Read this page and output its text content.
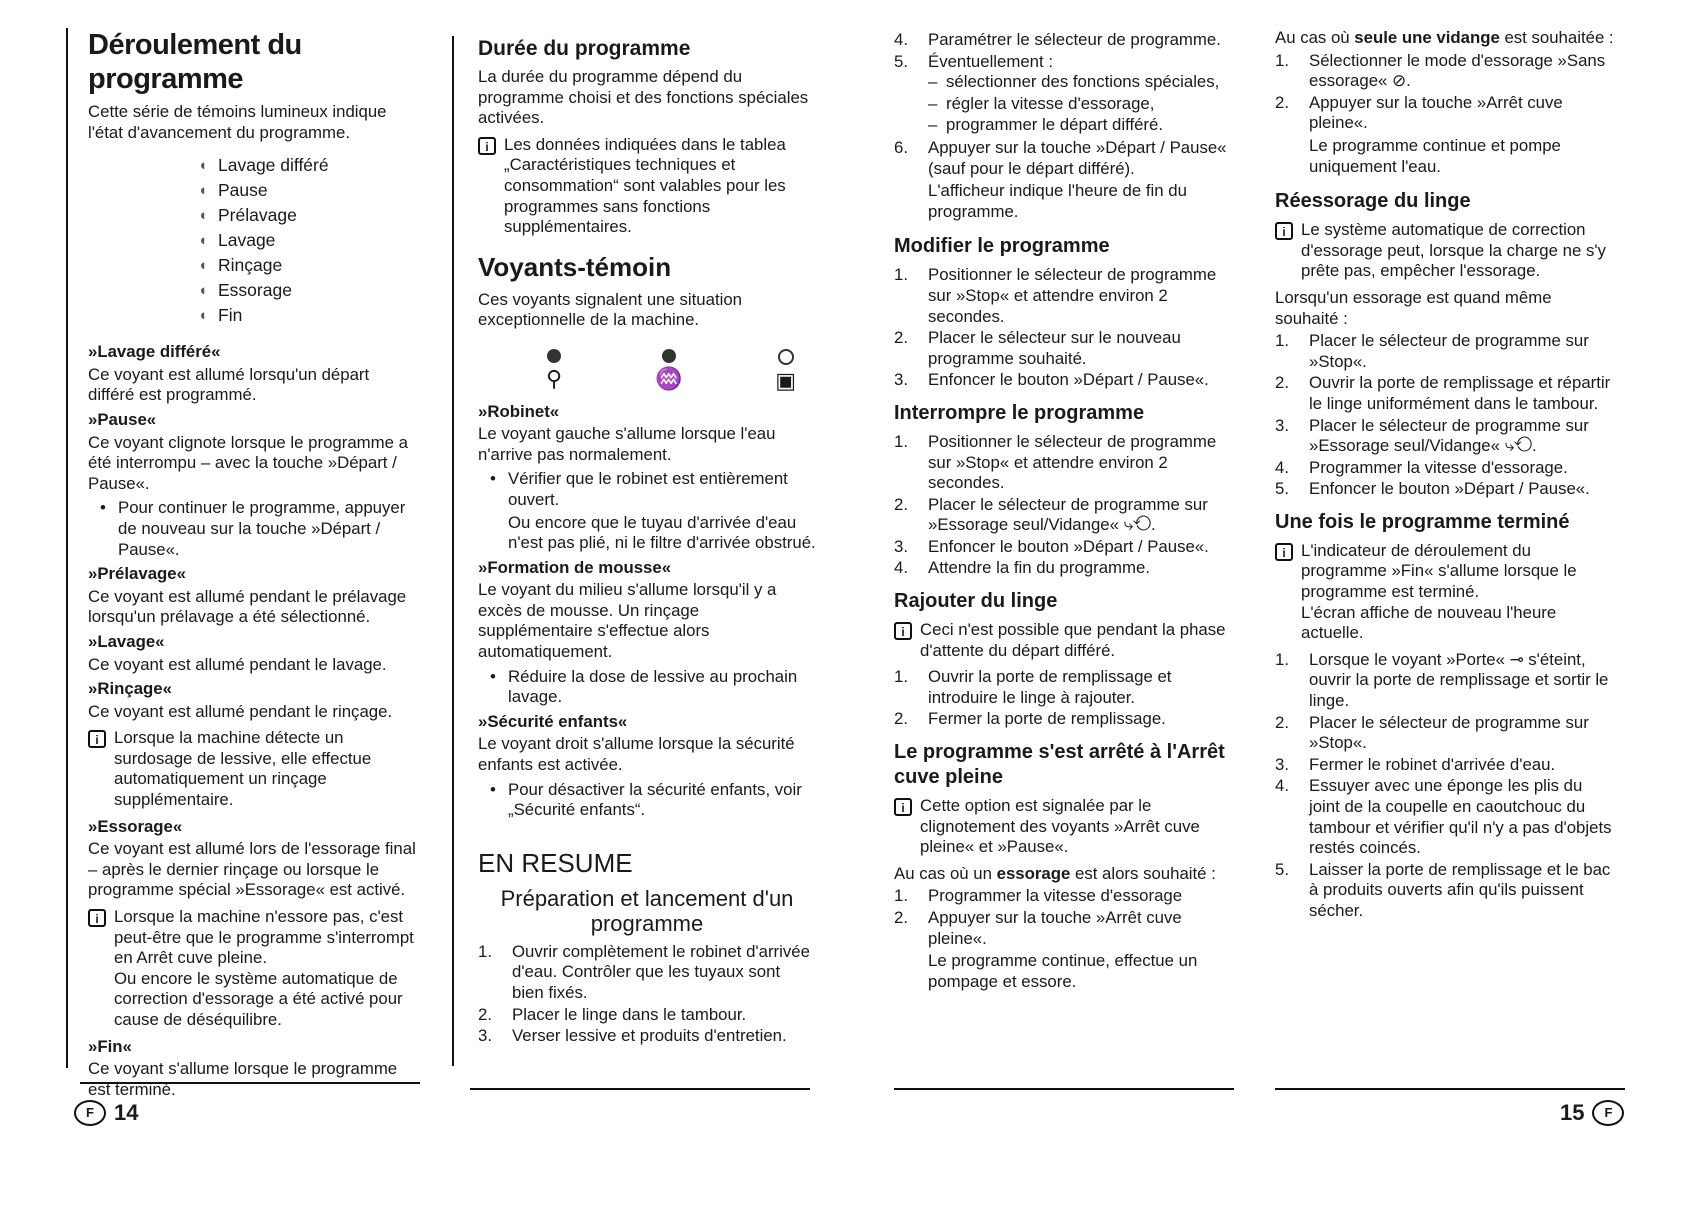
Déroulement du programme

Cette série de témoins lumineux indique l'état d'avancement du programme.

◖ Lavage différé
◖ Pause
◖ Prélavage
◖ Lavage
◖ Rinçage
◖ Essorage
◖ Fin

»Lavage différé«

Ce voyant est allumé lorsqu'un départ différé est programmé.

»Pause«

Ce voyant clignote lorsque le programme a été interrompu – avec la touche »Départ / Pause«.

• Pour continuer le programme, appuyer de nouveau sur la touche »Départ / Pause«.

»Prélavage«

Ce voyant est allumé pendant le prélavage lorsqu'un prélavage a été sélectionné.

»Lavage«

Ce voyant est allumé pendant le lavage.

»Rinçage«

Ce voyant est allumé pendant le rinçage.

i Lorsque la machine détecte un surdosage de lessive, elle effectue automatiquement un rinçage supplémentaire.

»Essorage«

Ce voyant est allumé lors de l'essorage final – après le dernier rinçage ou lorsque le programme spécial »Essorage« est activé.

i Lorsque la machine n'essore pas, c'est peut-être que le programme s'interrompt en Arrêt cuve pleine.

Ou encore le système automatique de correction d'essorage a été activé pour cause de déséquilibre.

»Fin«

Ce voyant s'allume lorsque le programme est terminé.

F 14
Durée du programme

La durée du programme dépend du programme choisi et des fonctions spéciales activées.

i Les données indiquées dans le tablea „Caractéristiques techniques et consommation“ sont valables pour les programmes sans fonctions supplémentaires.

Voyants-témoin

Ces voyants signalent une situation exceptionnelle de la machine.

⚲	♒	▣

»Robinet«

Le voyant gauche s'allume lorsque l'eau n'arrive pas normalement.

• Vérifier que le robinet est entièrement ouvert.

Ou encore que le tuyau d'arrivée d'eau n'est pas plié, ni le filtre d'arrivée obstrué.

»Formation de mousse«

Le voyant du milieu s'allume lorsqu'il y a excès de mousse. Un rinçage supplémentaire s'effectue alors automatiquement.

• Réduire la dose de lessive au prochain lavage.

»Sécurité enfants«

Le voyant droit s'allume lorsque la sécurité enfants est activée.

• Pour désactiver la sécurité enfants, voir „Sécurité enfants“.
EN RESUME
Préparation et lancement d'un programme
1.	Ouvrir complètement le robinet d'arrivée d'eau. Contrôler que les tuyaux sont bien fixés.
2.	Placer le linge dans le tambour.
3.	Verser lessive et produits d'entretien.
4.	Paramétrer le sélecteur de programme.
5.	Éventuellement :
– sélectionner des fonctions spéciales,
– régler la vitesse d'essorage,
– programmer le départ différé.
6.	Appuyer sur la touche »Départ / Pause« (sauf pour le départ différé).

L'afficheur indique l'heure de fin du programme.

Modifier le programme
1.	Positionner le sélecteur de programme sur »Stop« et attendre environ 2 secondes.
2.	Placer le sélecteur sur le nouveau programme souhaité.
3.	Enfoncer le bouton »Départ / Pause«.
Interrompre le programme
1.	Positionner le sélecteur de programme sur »Stop« et attendre environ 2 secondes.
2.	Placer le sélecteur de programme sur »Essorage seul/Vidange« ⤷⟲.
3.	Enfoncer le bouton »Départ / Pause«.
4.	Attendre la fin du programme.
Rajouter du linge
i Ceci n'est possible que pendant la phase d'attente du départ différé.

1.	Ouvrir la porte de remplissage et introduire le linge à rajouter.
2.	Fermer la porte de remplissage.
Le programme s'est arrêté à l'Arrêt cuve pleine
i Cette option est signalée par le clignotement des voyants »Arrêt cuve pleine« et »Pause«.

Au cas où un essorage est alors souhaité :

1.	Programmer la vitesse d'essorage
2.	Appuyer sur la touche »Arrêt cuve pleine«.

Le programme continue, effectue un pompage et essore.

Au cas où seule une vidange est souhaitée :

1.	Sélectionner le mode d'essorage »Sans essorage« ⊘.
2.	Appuyer sur la touche »Arrêt cuve pleine«.

Le programme continue et pompe uniquement l'eau.

Réessorage du linge
i Le système automatique de correction d'essorage peut, lorsque la charge ne s'y prête pas, empêcher l'essorage.

Lorsqu'un essorage est quand même souhaité :

1.	Placer le sélecteur de programme sur »Stop«.
2.	Ouvrir la porte de remplissage et répartir le linge uniformément dans le tambour.
3.	Placer le sélecteur de programme sur »Essorage seul/Vidange« ⤷⟲.
4.	Programmer la vitesse d'essorage.
5.	Enfoncer le bouton »Départ / Pause«.
Une fois le programme terminé
i L'indicateur de déroulement du programme »Fin« s'allume lorsque le programme est terminé.

L'écran affiche de nouveau l'heure actuelle.

1.	Lorsque le voyant »Porte« ⊸ s'éteint, ouvrir la porte de remplissage et sortir le linge.
2.	Placer le sélecteur de programme sur »Stop«.
3.	Fermer le robinet d'arrivée d'eau.
4.	Essuyer avec une éponge les plis du joint de la coupelle en caoutchouc du tambour et vérifier qu'il n'y a pas d'objets restés coincés.
5.	Laisser la porte de remplissage et le bac à produits ouverts afin qu'ils puissent sécher.
15	F
